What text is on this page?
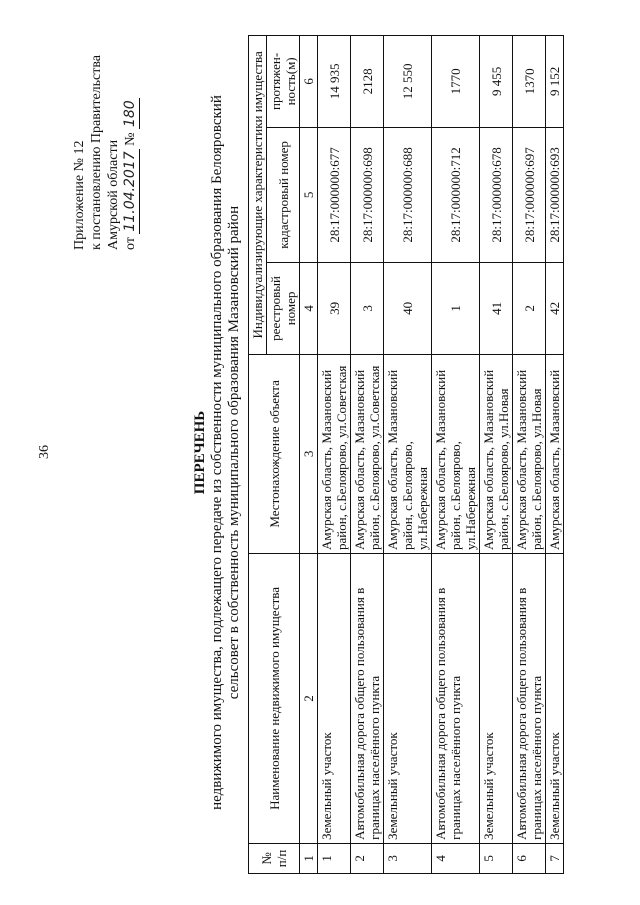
36
Приложение № 12 к постановлению Правительства Амурской области от 11.04.2017 № 180
ПЕРЕЧЕНЬ недвижимого имущества, подлежащего передаче из собственности муниципального образования Белояровский сельсовет в собственность муниципального образования Мазановский район
№ п/п	Наименование недвижимого имущества	Местонахождение объекта	Индивидуализирующие характеристики имущества		
			реестровый номер	кадастровый номер	протяжен-ность(м)
1	2	3	4	5	6
1	Земельный участок	Амурская область, Мазановский район, с.Белоярово, ул.Советская	39	28:17:000000:677	14 935
2	Автомобильная дорога общего пользования в границах населённого пункта	Амурская область, Мазановский район, с.Белоярово, ул.Советская	3	28:17:000000:698	2128
3	Земельный участок	Амурская область, Мазановский район, с.Белоярово, ул.Набережная	40	28:17:000000:688	12 550
4	Автомобильная дорога общего пользования в границах населённого пункта	Амурская область, Мазановский район, с.Белоярово, ул.Набережная	1	28:17:000000:712	1770
5	Земельный участок	Амурская область, Мазановский район, с.Белоярово, ул.Новая	41	28:17:000000:678	9 455
6	Автомобильная дорога общего пользования в границах населённого пункта	Амурская область, Мазановский район, с.Белоярово, ул.Новая	2	28:17:000000:697	1370
7	Земельный участок	Амурская область, Мазановский	42	28:17:000000:693	9 152
